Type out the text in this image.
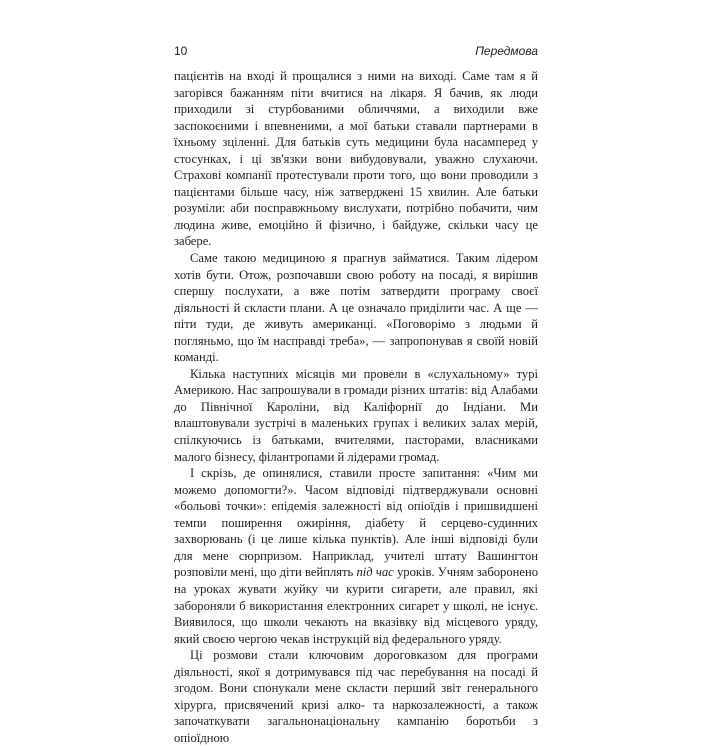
10	Передмова

пацієнтів на вході й прощалися з ними на виході. Саме там я й загорівся бажанням піти вчитися на лікаря. Я бачив, як люди приходили зі стурбованими обличчями, а виходили вже заспокоєними і впевненими, а мої батьки ставали партнерами в їхньому зціленні. Для батьків суть медицини була насамперед у стосунках, і ці зв'язки вони вибудовували, уважно слухаючи. Страхові компанії протестували проти того, що вони проводили з пацієнтами більше часу, ніж затверджені 15 хвилин. Але батьки розуміли: аби посправжньому вислухати, потрібно побачити, чим людина живе, емоційно й фізично, і байдуже, скільки часу це забере.

Саме такою медициною я прагнув займатися. Таким лідером хотів бути. Отож, розпочавши свою роботу на посаді, я вирішив спершу послухати, а вже потім затвердити програму своєї діяльності й скласти плани. А це означало приділити час. А ще — піти туди, де живуть американці. «Поговорімо з людьми й погляньмо, що їм насправді треба», — запропонував я своїй новій команді.

Кілька наступних місяців ми провели в «слухальному» турі Америкою. Нас запрошували в громади різних штатів: від Алабами до Північної Кароліни, від Каліфорнії до Індіани. Ми влаштовували зустрічі в маленьких групах і великих залах мерій, спілкуючись із батьками, вчителями, пасторами, власниками малого бізнесу, філантропами й лідерами громад.

І скрізь, де опинялися, ставили просте запитання: «Чим ми можемо допомогти?». Часом відповіді підтверджували основні «больові точки»: епідемія залежності від опіоїдів і пришвидшені темпи поширення ожиріння, діабету й серцево-судинних захворювань (і це лише кілька пунктів). Але інші відповіді були для мене сюрпризом. Наприклад, учителі штату Вашингтон розповіли мені, що діти вейплять під час уроків. Учням заборонено на уроках жувати жуйку чи курити сигарети, але правил, які забороняли б використання електронних сигарет у школі, не існує. Виявилося, що школи чекають на вказівку від місцевого уряду, який своєю чергою чекав інструкцій від федерального уряду.

Ці розмови стали ключовим дороговказом для програми діяльності, якої я дотримувався під час перебування на посаді й згодом. Вони спонукали мене скласти перший звіт генерального хірурга, присвячений кризі алко- та наркозалежності, а також започаткувати загальнонаціональну кампанію боротьби з опіоїдною
